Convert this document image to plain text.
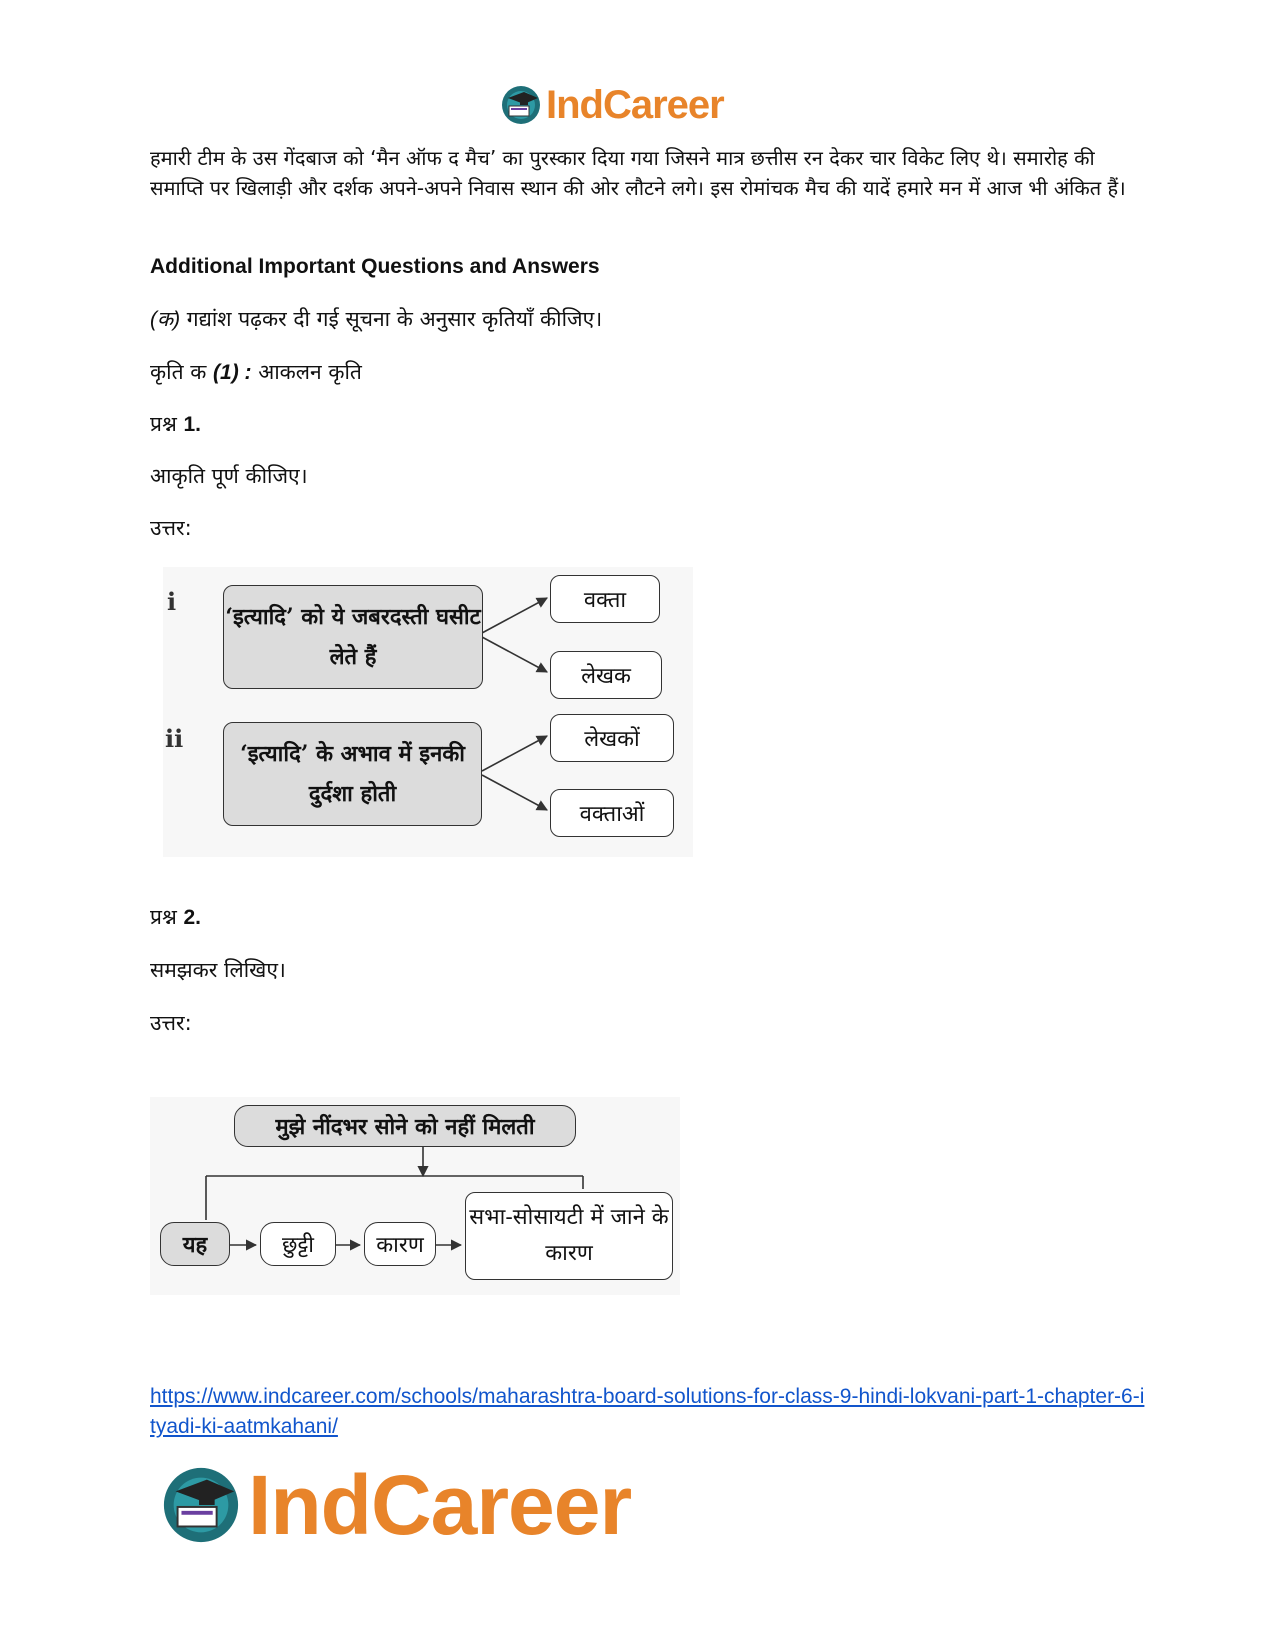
IndCareer

हमारी टीम के उस गेंदबाज को ‘मैन ऑफ द मैच’ का पुरस्कार दिया गया जिसने मात्र छत्तीस रन देकर चार विकेट लिए थे। समारोह की समाप्ति पर खिलाड़ी और दर्शक अपने-अपने निवास स्थान की ओर लौटने लगे। इस रोमांचक मैच की यादें हमारे मन में आज भी अंकित हैं।

Additional Important Questions and Answers

(क) गद्यांश पढ़कर दी गई सूचना के अनुसार कृतियाँ कीजिए।

कृति क (1) : आकलन कृति

प्रश्न 1.

आकृति पूर्ण कीजिए।

उत्तर:

i
‘इत्यादि’ को ये जबरदस्ती घसीट लेते हैं
वक्ता
लेखक
ii
‘इत्यादि’ के अभाव में इनकी दुर्दशा होती
लेखकों
वक्ताओं

प्रश्न 2.

समझकर लिखिए।

उत्तर:

मुझे नींदभर सोने को नहीं मिलती
यह	छुट्टी	कारण
सभा-सोसायटी में जाने के कारण

https://www.indcareer.com/schools/maharashtra-board-solutions-for-class-9-hindi-lokvani-part-1-chapter-6-ityadi-ki-aatmkahani/

IndCareer
